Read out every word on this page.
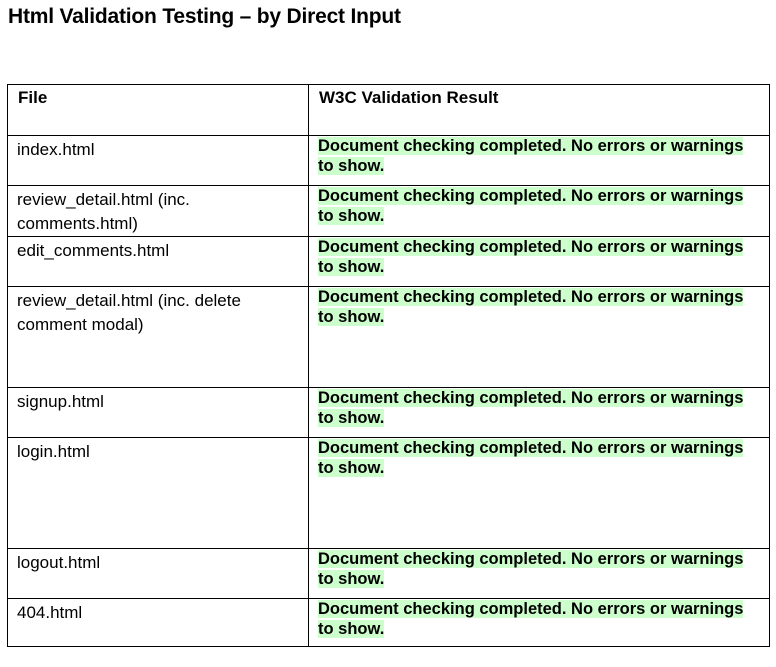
Html Validation Testing – by Direct Input
File	W3C Validation Result

index.html	Document checking completed. No errors or warnings to show.

review_detail.html (inc. comments.html)	Document checking completed. No errors or warnings to show.

edit_comments.html	Document checking completed. No errors or warnings to show.

review_detail.html (inc. delete comment modal)	Document checking completed. No errors or warnings to show.

signup.html	Document checking completed. No errors or warnings to show.

login.html	Document checking completed. No errors or warnings to show.

logout.html	Document checking completed. No errors or warnings to show.

404.html	Document checking completed. No errors or warnings to show.
